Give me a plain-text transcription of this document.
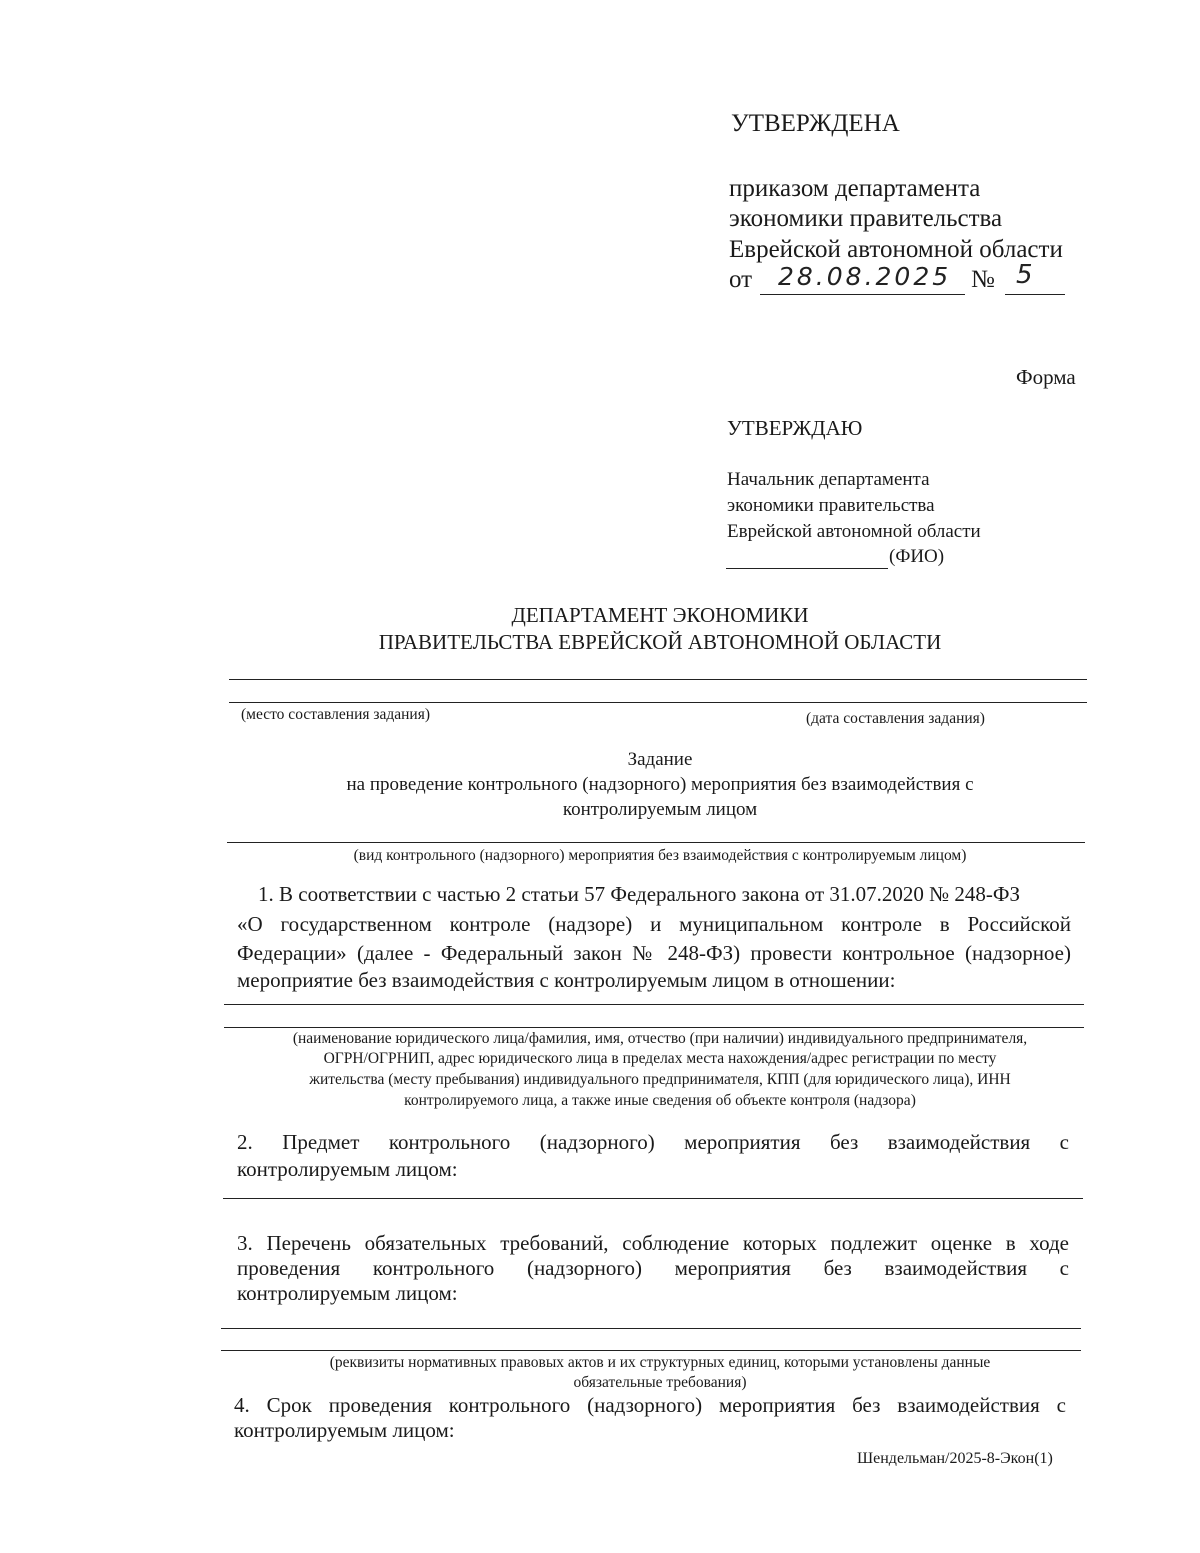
УТВЕРЖДЕНА
приказом департамента
экономики правительства
Еврейской автономной области
от 28.08.2025 № 5
Форма
УТВЕРЖДАЮ
Начальник департамента
экономики правительства
Еврейской автономной области
(ФИО)
ДЕПАРТАМЕНТ ЭКОНОМИКИ
ПРАВИТЕЛЬСТВА ЕВРЕЙСКОЙ АВТОНОМНОЙ ОБЛАСТИ
(место составления задания)	(дата составления задания)
Задание
на проведение контрольного (надзорного) мероприятия без взаимодействия с
контролируемым лицом
(вид контрольного (надзорного) мероприятия без взаимодействия с контролируемым лицом)
1. В соответствии с частью 2 статьи 57 Федерального закона от 31.07.2020 № 248-ФЗ
«О государственном контроле (надзоре) и муниципальном контроле в Российской
Федерации» (далее - Федеральный закон № 248-ФЗ) провести контрольное (надзорное)
мероприятие без взаимодействия с контролируемым лицом в отношении:
(наименование юридического лица/фамилия, имя, отчество (при наличии) индивидуального предпринимателя,
ОГРН/ОГРНИП, адрес юридического лица в пределах места нахождения/адрес регистрации по месту
жительства (месту пребывания) индивидуального предпринимателя, КПП (для юридического лица), ИНН
контролируемого лица, а также иные сведения об объекте контроля (надзора)
2. Предмет контрольного (надзорного) мероприятия без взаимодействия с
контролируемым лицом:
3. Перечень обязательных требований, соблюдение которых подлежит оценке в ходе
проведения контрольного (надзорного) мероприятия без взаимодействия с
контролируемым лицом:
(реквизиты нормативных правовых актов и их структурных единиц, которыми установлены данные
обязательные требования)
4. Срок проведения контрольного (надзорного) мероприятия без взаимодействия с
контролируемым лицом:
Шендельман/2025-8-Экон(1)
